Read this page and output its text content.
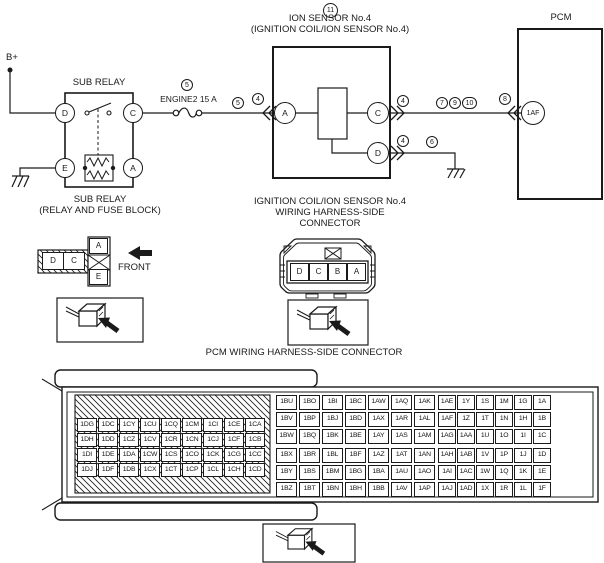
11
ION SENSOR No.4
(IGNITION COIL/ION SENSOR No.4)
PCM
B+
SUB RELAY
D	C
E	A
5
ENGINE2 15 A	5
4
A	C
D
4	7	9	10
8
4	6
1AF
SUB RELAY
(RELAY AND FUSE BLOCK)
IGNITION COIL/ION SENSOR No.4
WIRING HARNESS-SIDE
CONNECTOR
FRONT
PCM WIRING HARNESS-SIDE CONNECTOR
D	C
A
E
D	C	B	A
1DG	1DC	1CY	1CU	1CQ	1CM	1CI	1CE	1CA
1DH	1DD	1CZ	1CV	1CR	1CN	1CJ	1CF	1CB
1DI	1DE	1DA	1CW	1CS	1CO	1CK	1CG	1CC
1DJ	1DF	1DB	1CX	1CT	1CP	1CL	1CH	1CD
1BU	1BO	1BI	1BC	1AW	1AQ	1AK
1BV	1BP	1BJ	1BD	1AX	1AR	1AL
1BW	1BQ	1BK	1BE	1AY	1AS	1AM
1BX	1BR	1BL	1BF	1AZ	1AT	1AN
1BY	1BS	1BM	1BG	1BA	1AU	1AO
1BZ	1BT	1BN	1BH	1BB	1AV	1AP
1AE	1Y	1S	1M	1G	1A
1AF	1Z	1T	1N	1H	1B
1AG 1AA	1U	1O	1I	1C
1AH 1AB	1V	1P	1J	1D
1AI	1AC	1W	1Q	1K	1E
1AJ	1AD	1X	1R	1L	1F
